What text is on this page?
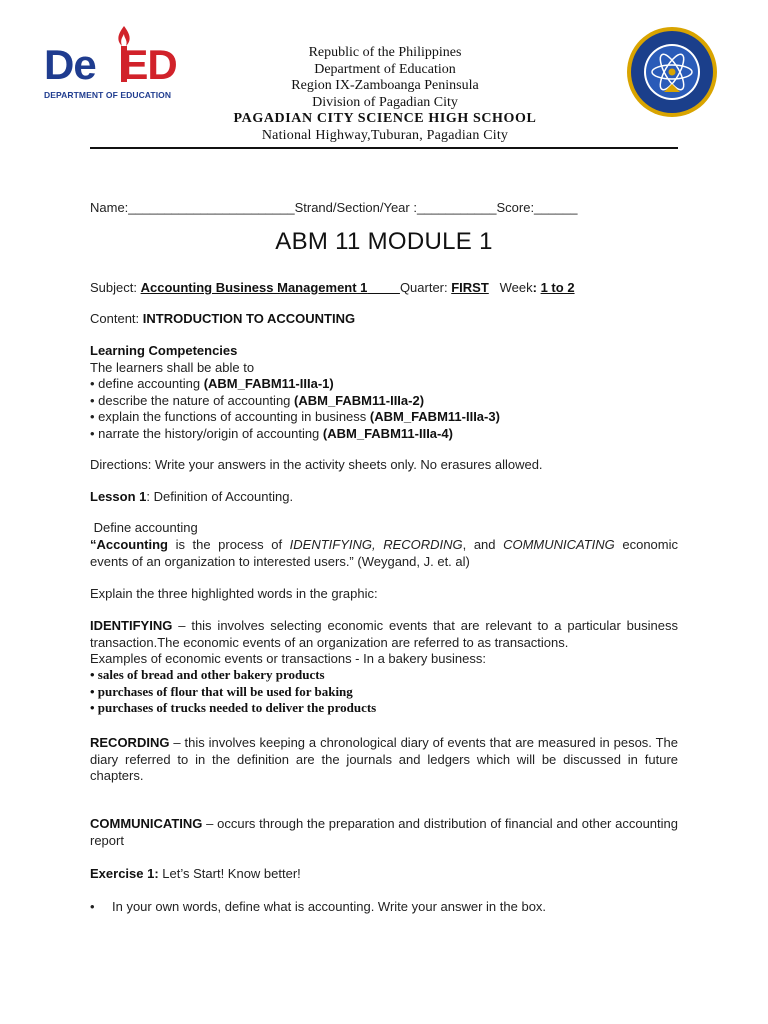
De ED
DEPARTMENT OF EDUCATION
Republic of the Philippines
Department of Education
Region IX-Zamboanga Peninsula
Division of Pagadian City
PAGADIAN CITY SCIENCE HIGH SCHOOL
National Highway,Tuburan, Pagadian City
Name:_______________________Strand/Section/Year :___________Score:______
ABM 11 MODULE 1
Subject: Accounting Business Management 1	Quarter: FIRST   Week: 1 to 2
Content: INTRODUCTION TO ACCOUNTING
Learning Competencies
The learners shall be able to
• define accounting (ABM_FABM11-IIIa-1)
• describe the nature of accounting (ABM_FABM11-IIIa-2)
• explain the functions of accounting in business (ABM_FABM11-IIIa-3)
• narrate the history/origin of accounting (ABM_FABM11-IIIa-4)
Directions: Write your answers in the activity sheets only. No erasures allowed.
Lesson 1: Definition of Accounting.
Define accounting
“Accounting is the process of IDENTIFYING, RECORDING, and COMMUNICATING economic events of an organization to interested users.” (Weygand, J. et. al)
Explain the three highlighted words in the graphic:
IDENTIFYING – this involves selecting economic events that are relevant to a particular business transaction.The economic events of an organization are referred to as transactions.
Examples of economic events or transactions - In a bakery business:
• sales of bread and other bakery products
• purchases of flour that will be used for baking
• purchases of trucks needed to deliver the products
RECORDING – this involves keeping a chronological diary of events that are measured in pesos. The diary referred to in the definition are the journals and ledgers which will be discussed in future chapters.
COMMUNICATING – occurs through the preparation and distribution of financial and other accounting report
Exercise 1: Let’s Start! Know better!
•	In your own words, define what is accounting. Write your answer in the box.
